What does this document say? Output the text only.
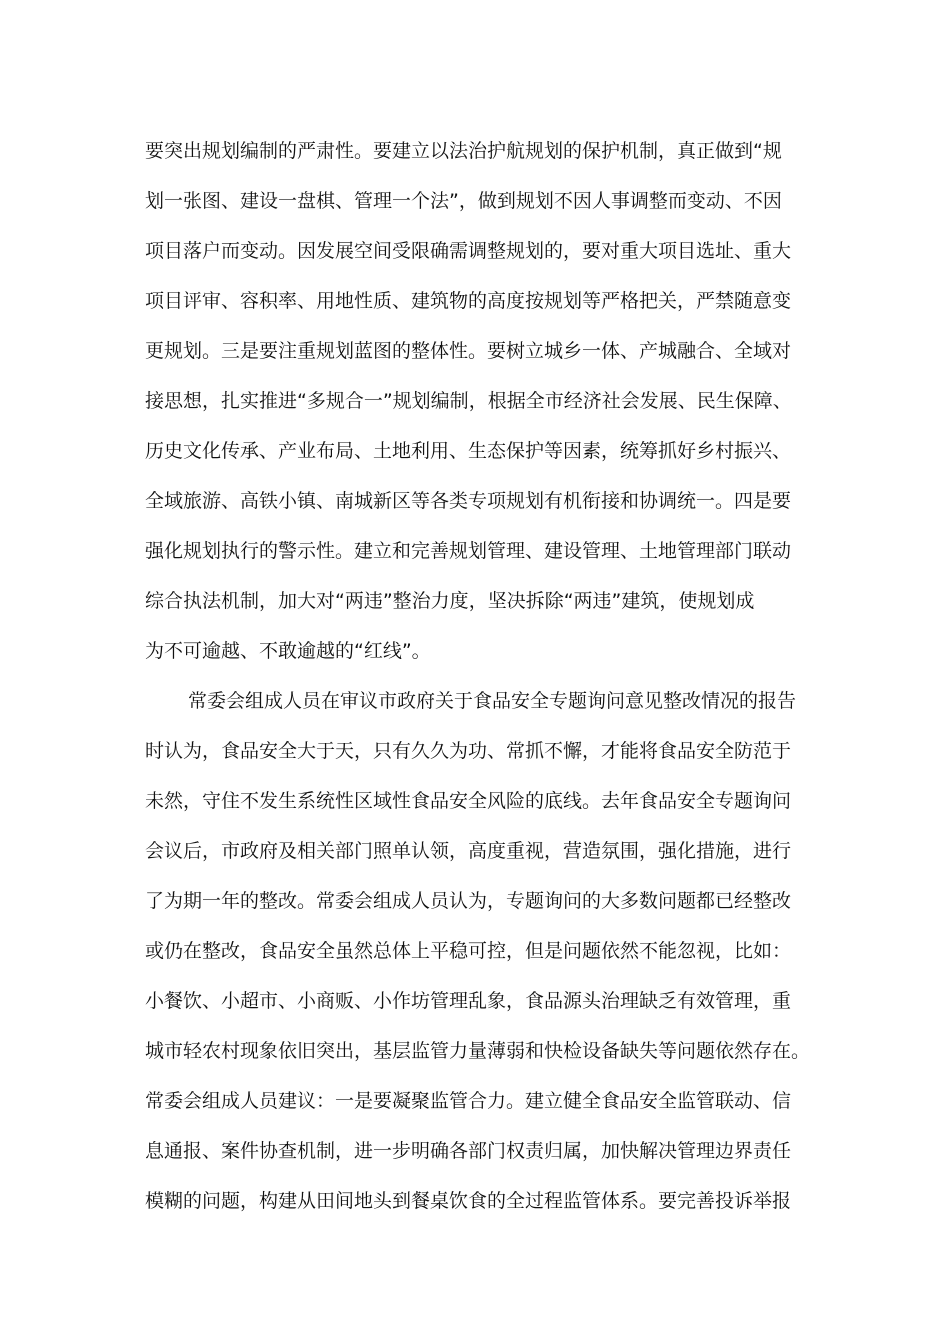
要突出规划编制的严肃性。要建立以法治护航规划的保护机制，真正做到“规

划一张图、建设一盘棋、管理一个法”，做到规划不因人事调整而变动、不因

项目落户而变动。因发展空间受限确需调整规划的，要对重大项目选址、重大

项目评审、容积率、用地性质、建筑物的高度按规划等严格把关，严禁随意变

更规划。三是要注重规划蓝图的整体性。要树立城乡一体、产城融合、全域对

接思想，扎实推进“多规合一”规划编制，根据全市经济社会发展、民生保障、

历史文化传承、产业布局、土地利用、生态保护等因素，统筹抓好乡村振兴、

全域旅游、高铁小镇、南城新区等各类专项规划有机衔接和协调统一。四是要

强化规划执行的警示性。建立和完善规划管理、建设管理、土地管理部门联动

综合执法机制，加大对“两违”整治力度，坚决拆除“两违”建筑，使规划成

为不可逾越、不敢逾越的“红线”。

常委会组成人员在审议市政府关于食品安全专题询问意见整改情况的报告

时认为，食品安全大于天，只有久久为功、常抓不懈，才能将食品安全防范于

未然，守住不发生系统性区域性食品安全风险的底线。去年食品安全专题询问

会议后，市政府及相关部门照单认领，高度重视，营造氛围，强化措施，进行

了为期一年的整改。常委会组成人员认为，专题询问的大多数问题都已经整改

或仍在整改，食品安全虽然总体上平稳可控，但是问题依然不能忽视，比如：

小餐饮、小超市、小商贩、小作坊管理乱象，食品源头治理缺乏有效管理，重

城市轻农村现象依旧突出，基层监管力量薄弱和快检设备缺失等问题依然存在。

常委会组成人员建议：一是要凝聚监管合力。建立健全食品安全监管联动、信

息通报、案件协查机制，进一步明确各部门权责归属，加快解决管理边界责任

模糊的问题，构建从田间地头到餐桌饮食的全过程监管体系。要完善投诉举报
